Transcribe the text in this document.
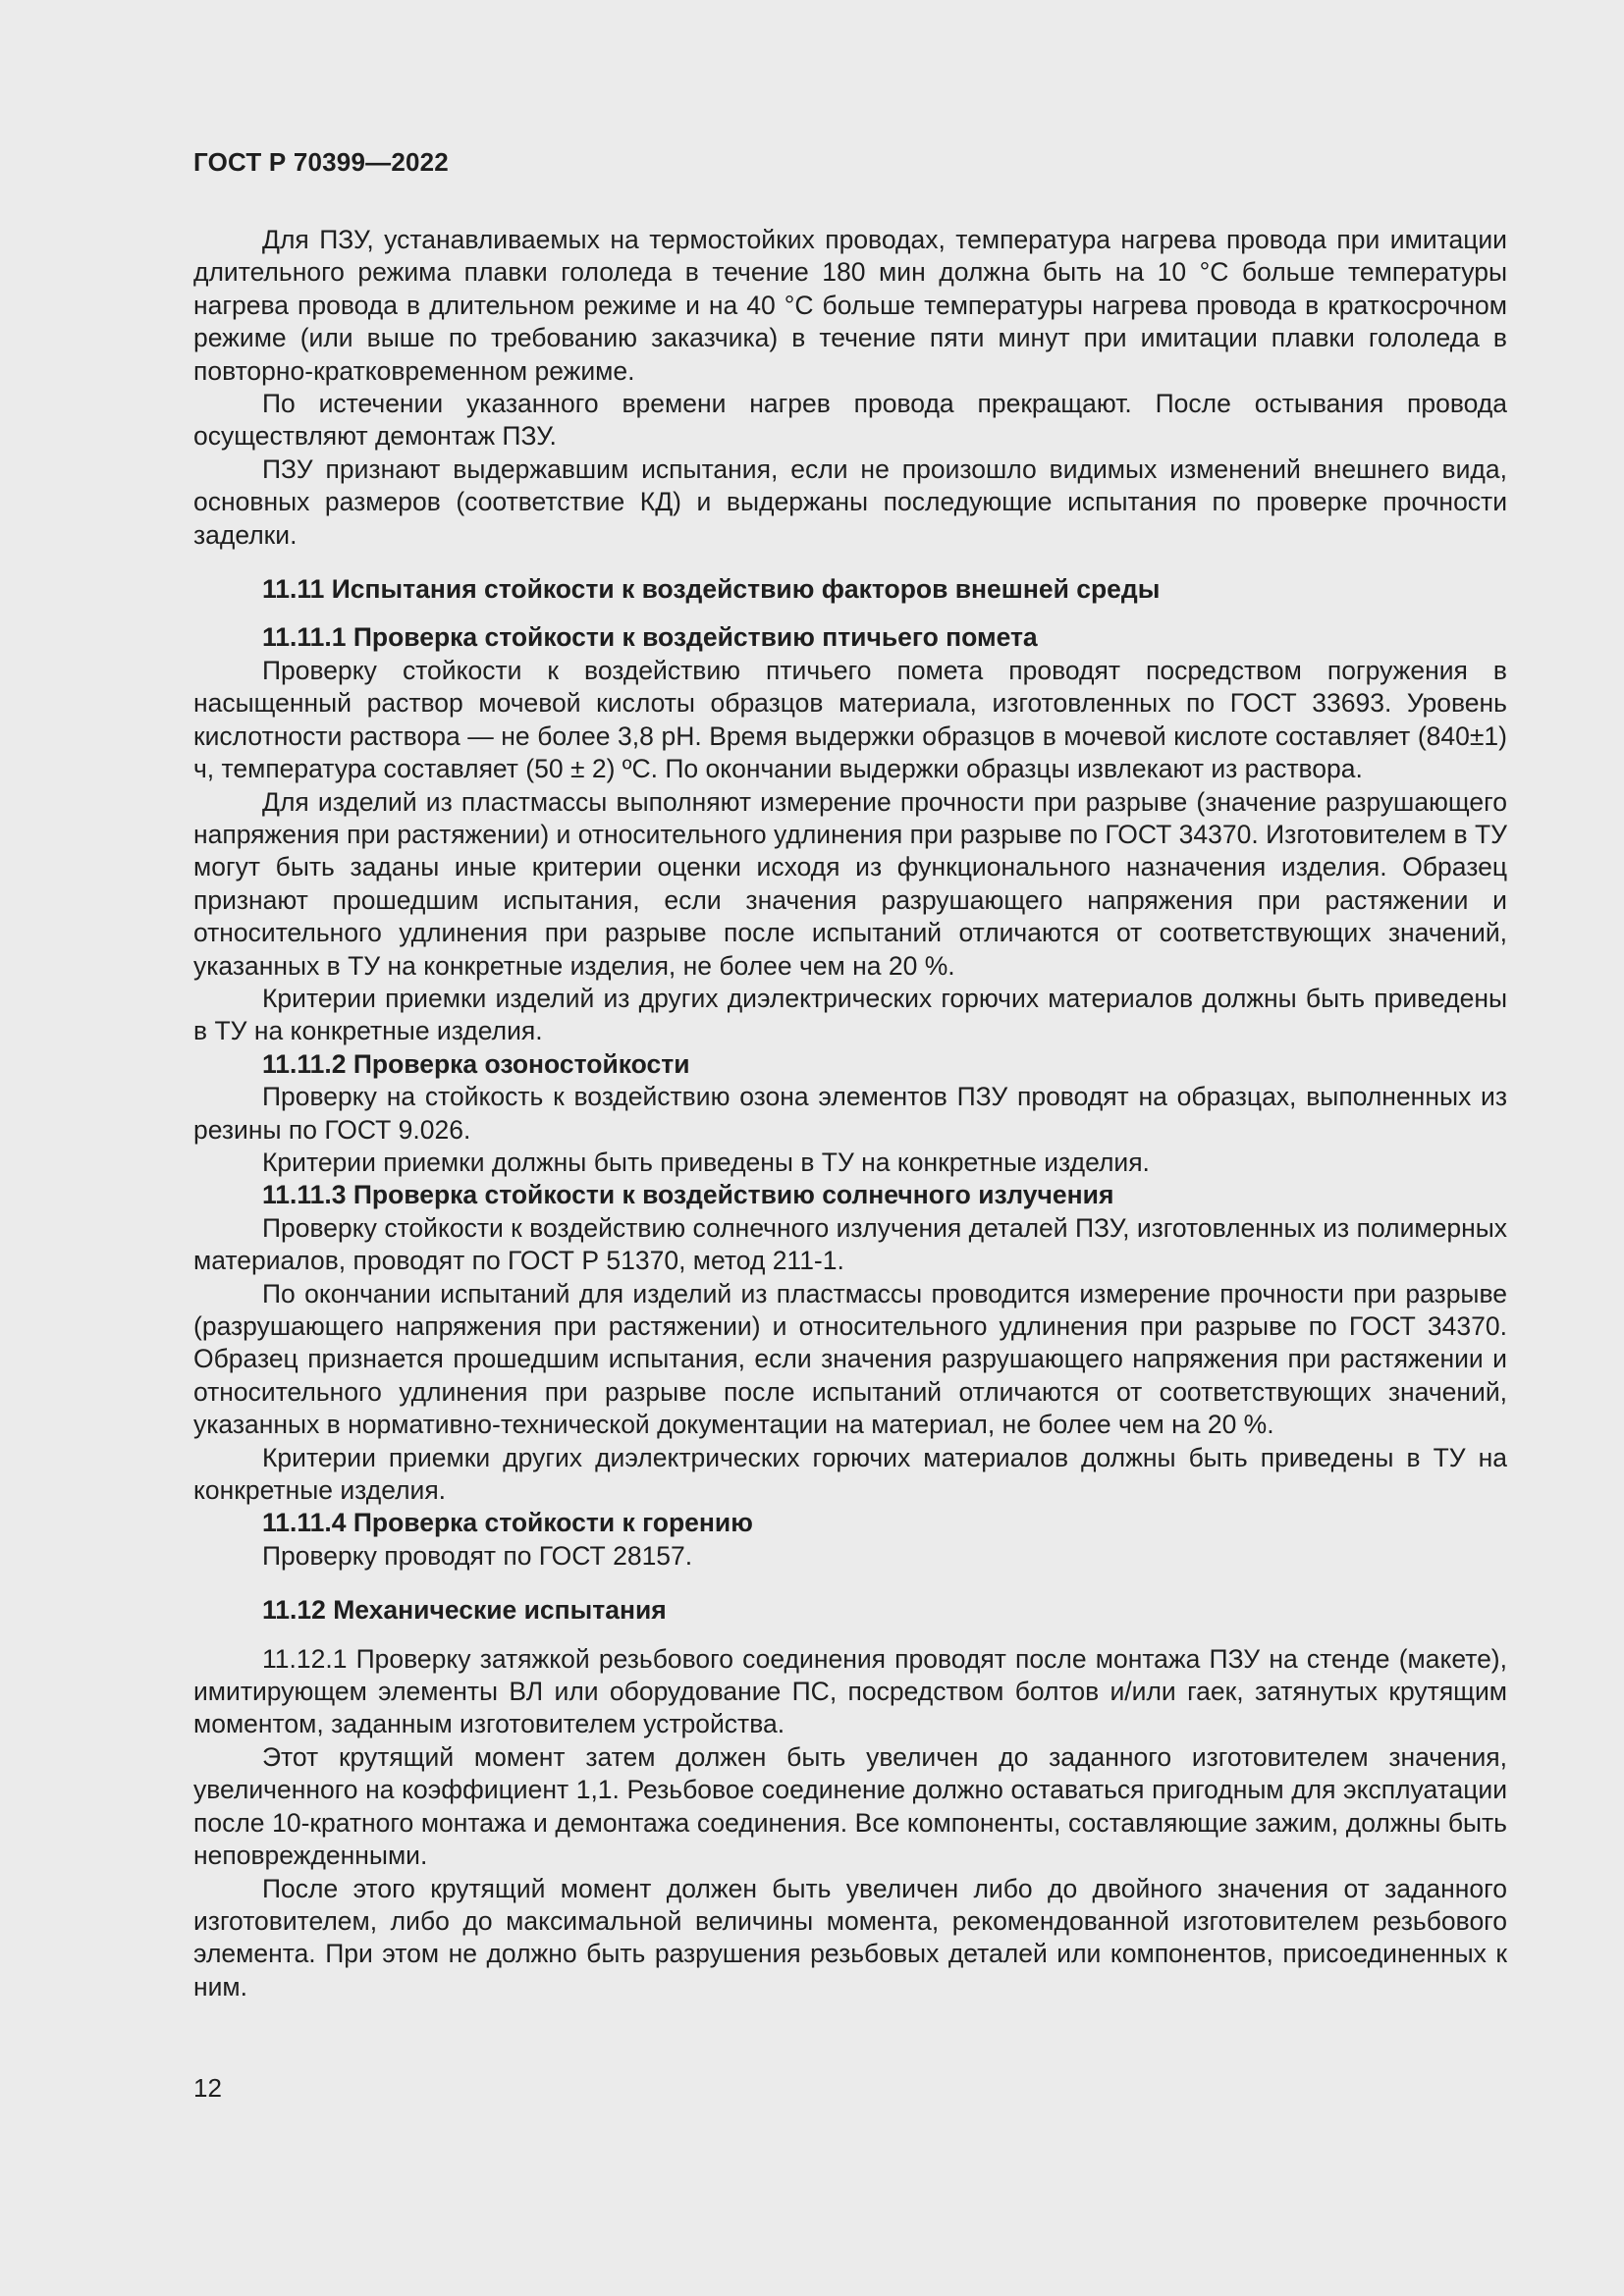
ГОСТ Р 70399—2022

Для ПЗУ, устанавливаемых на термостойких проводах, температура нагрева провода при имитации длительного режима плавки гололеда в течение 180 мин должна быть на 10 °С больше температуры нагрева провода в длительном режиме и на 40 °С больше температуры нагрева провода в краткосрочном режиме (или выше по требованию заказчика) в течение пяти минут при имитации плавки гололеда в повторно-кратковременном режиме.

По истечении указанного времени нагрев провода прекращают. После остывания провода осуществляют демонтаж ПЗУ.

ПЗУ признают выдержавшим испытания, если не произошло видимых изменений внешнего вида, основных размеров (соответствие КД) и выдержаны последующие испытания по проверке прочности заделки.

11.11 Испытания стойкости к воздействию факторов внешней среды

11.11.1 Проверка стойкости к воздействию птичьего помета

Проверку стойкости к воздействию птичьего помета проводят посредством погружения в насыщенный раствор мочевой кислоты образцов материала, изготовленных по ГОСТ 33693. Уровень кислотности раствора — не более 3,8 pH. Время выдержки образцов в мочевой кислоте составляет (840±1) ч, температура составляет (50 ± 2) ºС. По окончании выдержки образцы извлекают из раствора.

Для изделий из пластмассы выполняют измерение прочности при разрыве (значение разрушающего напряжения при растяжении) и относительного удлинения при разрыве по ГОСТ 34370. Изготовителем в ТУ могут быть заданы иные критерии оценки исходя из функционального назначения изделия. Образец признают прошедшим испытания, если значения разрушающего напряжения при растяжении и относительного удлинения при разрыве после испытаний отличаются от соответствующих значений, указанных в ТУ на конкретные изделия, не более чем на 20 %.

Критерии приемки изделий из других диэлектрических горючих материалов должны быть приведены в ТУ на конкретные изделия.

11.11.2 Проверка озоностойкости

Проверку на стойкость к воздействию озона элементов ПЗУ проводят на образцах, выполненных из резины по ГОСТ 9.026.

Критерии приемки должны быть приведены в ТУ на конкретные изделия.

11.11.3 Проверка стойкости к воздействию солнечного излучения

Проверку стойкости к воздействию солнечного излучения деталей ПЗУ, изготовленных из полимерных материалов, проводят по ГОСТ Р 51370, метод 211-1.

По окончании испытаний для изделий из пластмассы проводится измерение прочности при разрыве (разрушающего напряжения при растяжении) и относительного удлинения при разрыве по ГОСТ 34370. Образец признается прошедшим испытания, если значения разрушающего напряжения при растяжении и относительного удлинения при разрыве после испытаний отличаются от соответствующих значений, указанных в нормативно-технической документации на материал, не более чем на 20 %.

Критерии приемки других диэлектрических горючих материалов должны быть приведены в ТУ на конкретные изделия.

11.11.4 Проверка стойкости к горению

Проверку проводят по ГОСТ 28157.

11.12 Механические испытания

11.12.1 Проверку затяжкой резьбового соединения проводят после монтажа ПЗУ на стенде (макете), имитирующем элементы ВЛ или оборудование ПС, посредством болтов и/или гаек, затянутых крутящим моментом, заданным изготовителем устройства.

Этот крутящий момент затем должен быть увеличен до заданного изготовителем значения, увеличенного на коэффициент 1,1. Резьбовое соединение должно оставаться пригодным для эксплуатации после 10-кратного монтажа и демонтажа соединения. Все компоненты, составляющие зажим, должны быть неповрежденными.

После этого крутящий момент должен быть увеличен либо до двойного значения от заданного изготовителем, либо до максимальной величины момента, рекомендованной изготовителем резьбового элемента. При этом не должно быть разрушения резьбовых деталей или компонентов, присоединенных к ним.

12
